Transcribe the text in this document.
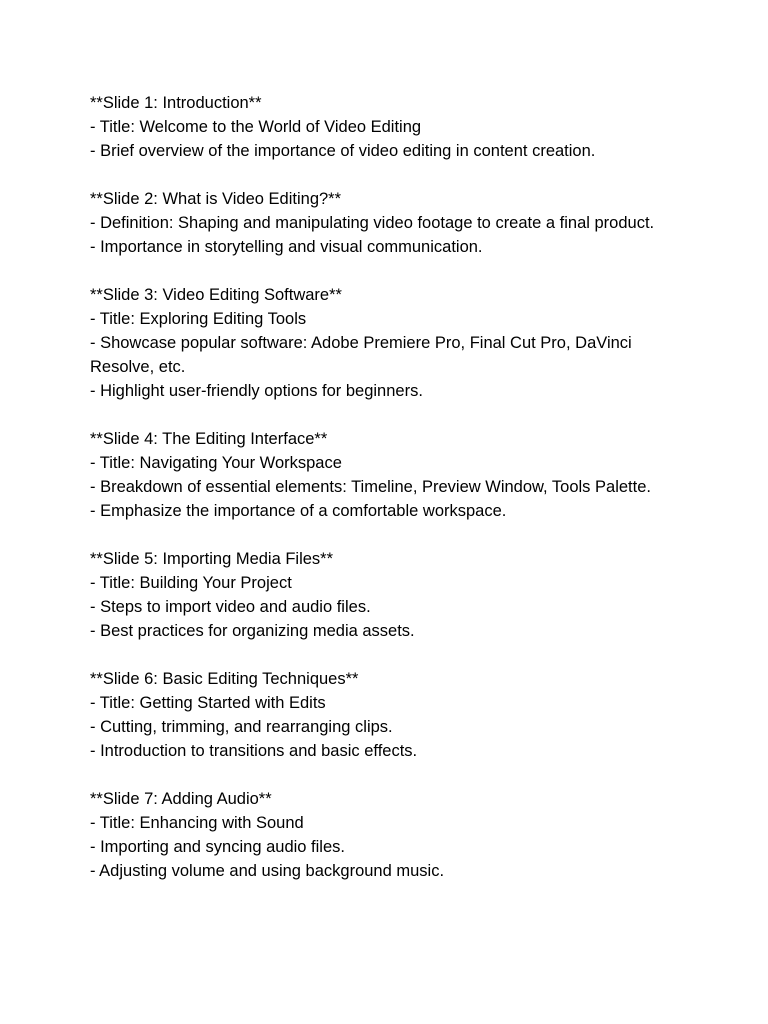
**Slide 1: Introduction**
- Title: Welcome to the World of Video Editing
- Brief overview of the importance of video editing in content creation.
**Slide 2: What is Video Editing?**
- Definition: Shaping and manipulating video footage to create a final product.
- Importance in storytelling and visual communication.
**Slide 3: Video Editing Software**
- Title: Exploring Editing Tools
- Showcase popular software: Adobe Premiere Pro, Final Cut Pro, DaVinci Resolve, etc.
- Highlight user-friendly options for beginners.
**Slide 4: The Editing Interface**
- Title: Navigating Your Workspace
- Breakdown of essential elements: Timeline, Preview Window, Tools Palette.
- Emphasize the importance of a comfortable workspace.
**Slide 5: Importing Media Files**
- Title: Building Your Project
- Steps to import video and audio files.
- Best practices for organizing media assets.
**Slide 6: Basic Editing Techniques**
- Title: Getting Started with Edits
- Cutting, trimming, and rearranging clips.
- Introduction to transitions and basic effects.
**Slide 7: Adding Audio**
- Title: Enhancing with Sound
- Importing and syncing audio files.
- Adjusting volume and using background music.
